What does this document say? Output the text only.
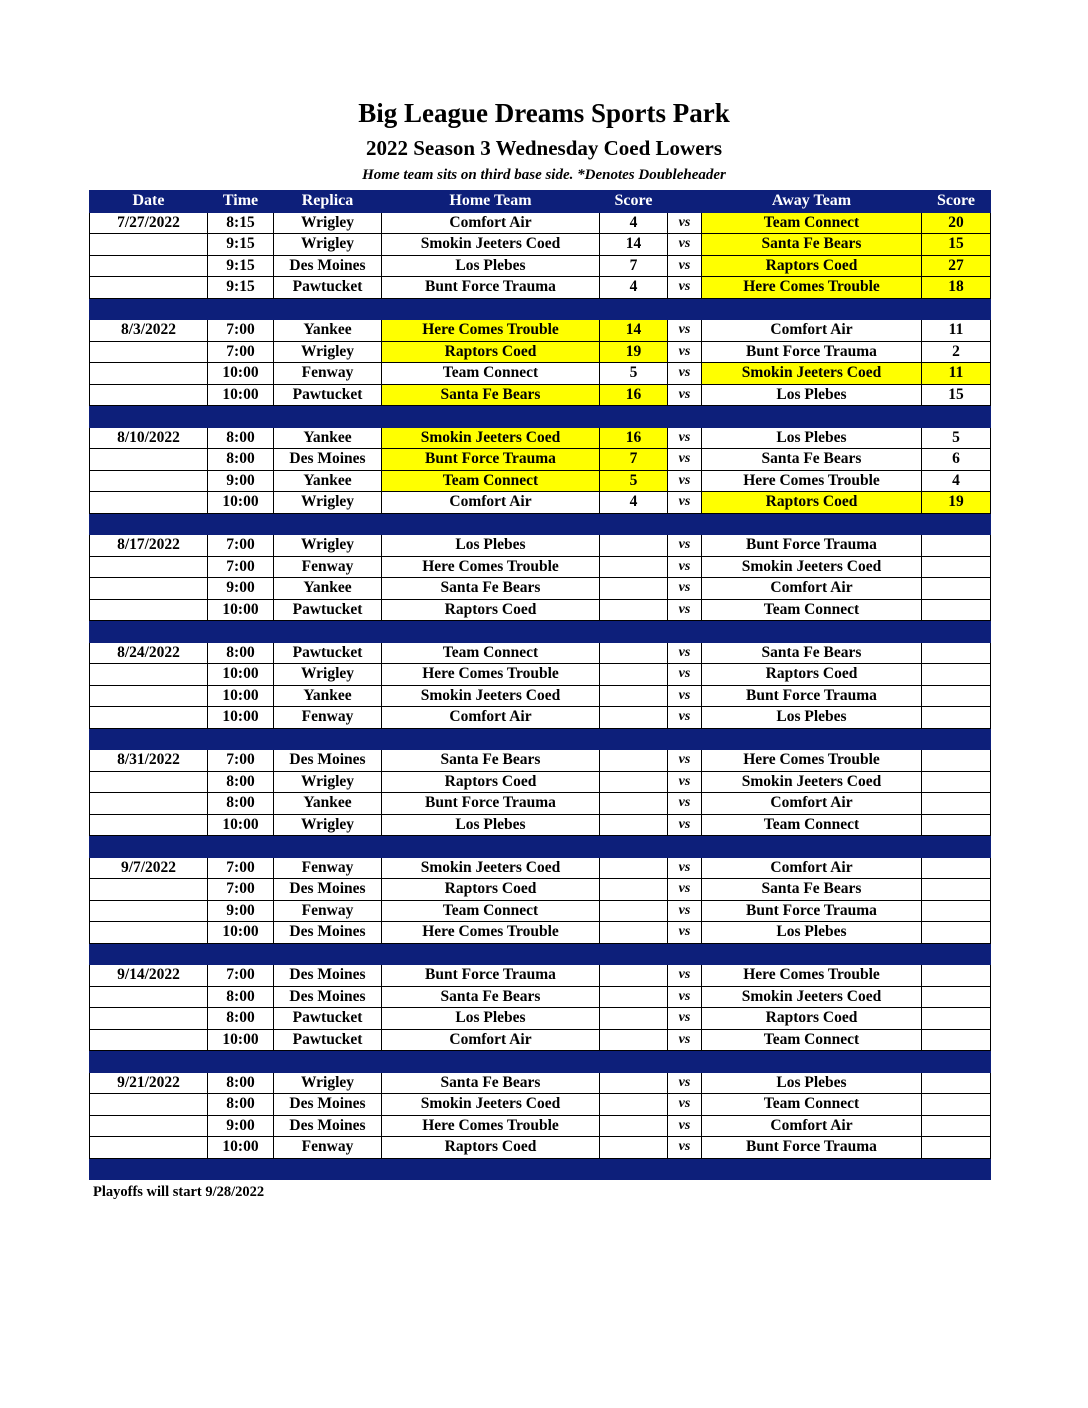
Big League Dreams Sports Park
2022 Season 3 Wednesday Coed Lowers
Home team sits on third base side. *Denotes Doubleheader
Date	Time	Replica	Home Team	Score		Away Team	Score
7/27/2022	8:15	Wrigley	Comfort Air	4	vs	Team Connect	20
	9:15	Wrigley	Smokin Jeeters Coed	14	vs	Santa Fe Bears	15
	9:15	Des Moines	Los Plebes	7	vs	Raptors Coed	27
	9:15	Pawtucket	Bunt Force Trauma	4	vs	Here Comes Trouble	18

8/3/2022	7:00	Yankee	Here Comes Trouble	14	vs	Comfort Air	11
	7:00	Wrigley	Raptors Coed	19	vs	Bunt Force Trauma	2
	10:00	Fenway	Team Connect	5	vs	Smokin Jeeters Coed	11
	10:00	Pawtucket	Santa Fe Bears	16	vs	Los Plebes	15

8/10/2022	8:00	Yankee	Smokin Jeeters Coed	16	vs	Los Plebes	5
	8:00	Des Moines	Bunt Force Trauma	7	vs	Santa Fe Bears	6
	9:00	Yankee	Team Connect	5	vs	Here Comes Trouble	4
	10:00	Wrigley	Comfort Air	4	vs	Raptors Coed	19

8/17/2022	7:00	Wrigley	Los Plebes		vs	Bunt Force Trauma	
	7:00	Fenway	Here Comes Trouble		vs	Smokin Jeeters Coed	
	9:00	Yankee	Santa Fe Bears		vs	Comfort Air	
	10:00	Pawtucket	Raptors Coed		vs	Team Connect	

8/24/2022	8:00	Pawtucket	Team Connect		vs	Santa Fe Bears	
	10:00	Wrigley	Here Comes Trouble		vs	Raptors Coed	
	10:00	Yankee	Smokin Jeeters Coed		vs	Bunt Force Trauma	
	10:00	Fenway	Comfort Air		vs	Los Plebes	

8/31/2022	7:00	Des Moines	Santa Fe Bears		vs	Here Comes Trouble	
	8:00	Wrigley	Raptors Coed		vs	Smokin Jeeters Coed	
	8:00	Yankee	Bunt Force Trauma		vs	Comfort Air	
	10:00	Wrigley	Los Plebes		vs	Team Connect	

9/7/2022	7:00	Fenway	Smokin Jeeters Coed		vs	Comfort Air	
	7:00	Des Moines	Raptors Coed		vs	Santa Fe Bears	
	9:00	Fenway	Team Connect		vs	Bunt Force Trauma	
	10:00	Des Moines	Here Comes Trouble		vs	Los Plebes	

9/14/2022	7:00	Des Moines	Bunt Force Trauma		vs	Here Comes Trouble	
	8:00	Des Moines	Santa Fe Bears		vs	Smokin Jeeters Coed	
	8:00	Pawtucket	Los Plebes		vs	Raptors Coed	
	10:00	Pawtucket	Comfort Air		vs	Team Connect	

9/21/2022	8:00	Wrigley	Santa Fe Bears		vs	Los Plebes	
	8:00	Des Moines	Smokin Jeeters Coed		vs	Team Connect	
	9:00	Des Moines	Here Comes Trouble		vs	Comfort Air	
	10:00	Fenway	Raptors Coed		vs	Bunt Force Trauma	

Playoffs will start 9/28/2022
